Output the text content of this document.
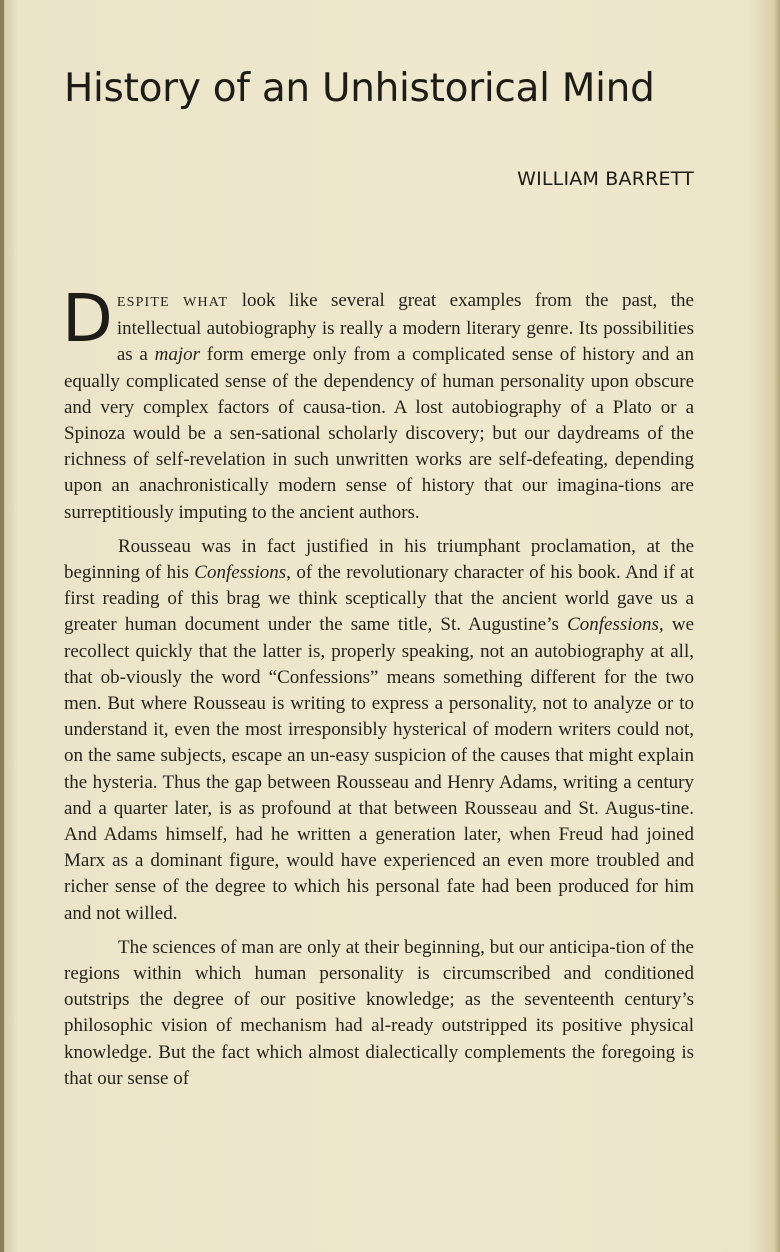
History of an Unhistorical Mind
WILLIAM BARRETT

DESPITE WHAT look like several great examples from the past, the intellectual autobiography is really a modern literary genre. Its possibilities as a major form emerge only from a complicated sense of history and an equally complicated sense of the dependency of human personality upon obscure and very complex factors of causa-tion. A lost autobiography of a Plato or a Spinoza would be a sen-sational scholarly discovery; but our daydreams of the richness of self-revelation in such unwritten works are self-defeating, depending upon an anachronistically modern sense of history that our imagina-tions are surreptitiously imputing to the ancient authors.

Rousseau was in fact justified in his triumphant proclamation, at the beginning of his Confessions, of the revolutionary character of his book. And if at first reading of this brag we think sceptically that the ancient world gave us a greater human document under the same title, St. Augustine’s Confessions, we recollect quickly that the latter is, properly speaking, not an autobiography at all, that ob-viously the word “Confessions” means something different for the two men. But where Rousseau is writing to express a personality, not to analyze or to understand it, even the most irresponsibly hysterical of modern writers could not, on the same subjects, escape an un-easy suspicion of the causes that might explain the hysteria. Thus the gap between Rousseau and Henry Adams, writing a century and a quarter later, is as profound at that between Rousseau and St. Augus-tine. And Adams himself, had he written a generation later, when Freud had joined Marx as a dominant figure, would have experienced an even more troubled and richer sense of the degree to which his personal fate had been produced for him and not willed.

The sciences of man are only at their beginning, but our anticipa-tion of the regions within which human personality is circumscribed and conditioned outstrips the degree of our positive knowledge; as the seventeenth century’s philosophic vision of mechanism had al-ready outstripped its positive physical knowledge. But the fact which almost dialectically complements the foregoing is that our sense of
